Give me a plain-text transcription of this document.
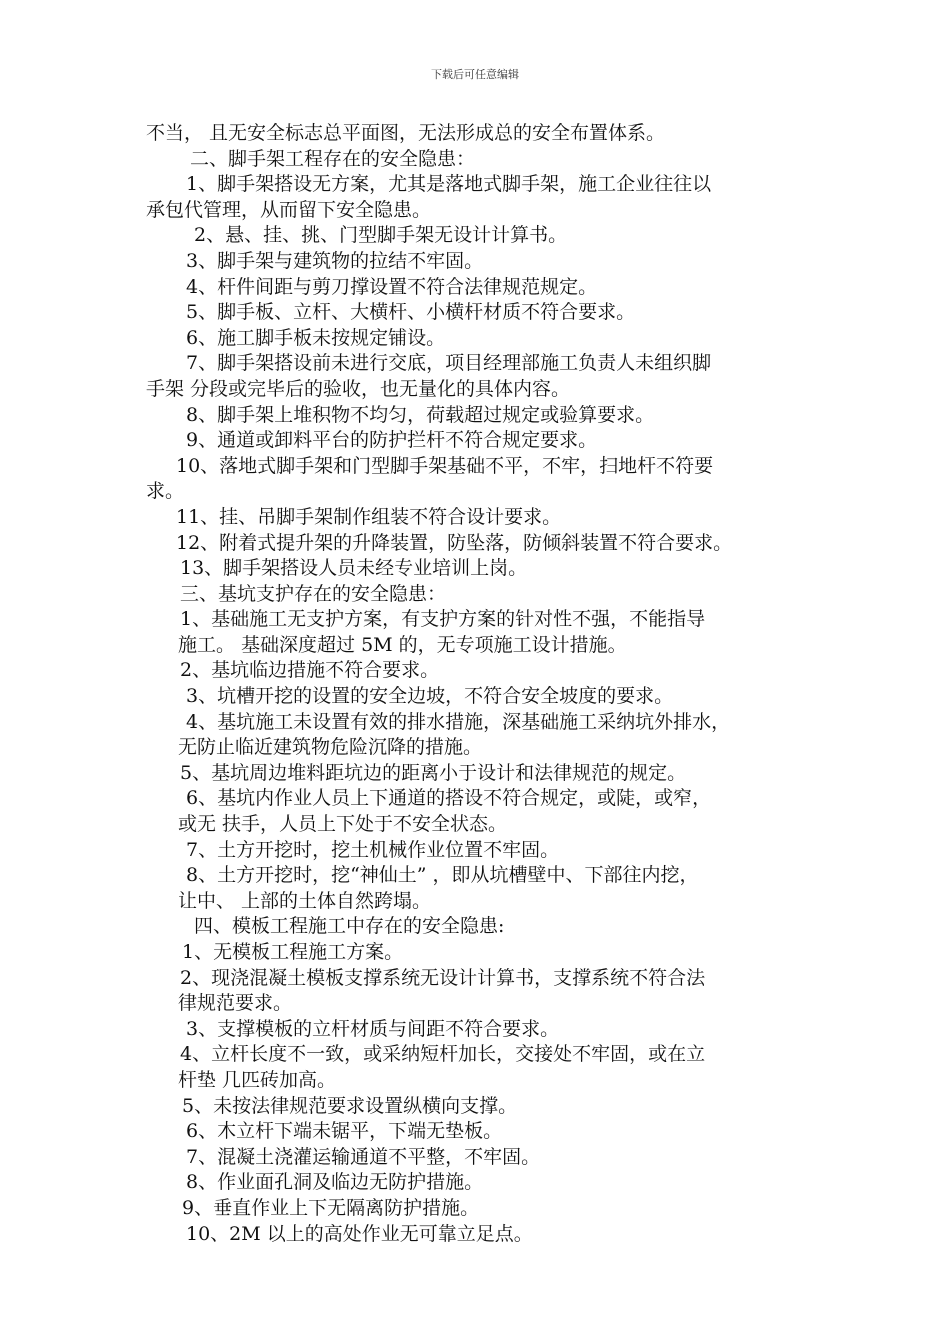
下载后可任意编辑
不当， 且无安全标志总平面图，无法形成总的安全布置体系。
二、脚手架工程存在的安全隐患：
1、脚手架搭设无方案，尤其是落地式脚手架，施工企业往往以
承包代管理，从而留下安全隐患。
2、悬、挂、挑、门型脚手架无设计计算书。
3、脚手架与建筑物的拉结不牢固。
4、杆件间距与剪刀撑设置不符合法律规范规定。
5、脚手板、立杆、大横杆、小横杆材质不符合要求。
6、施工脚手板未按规定铺设。
7、脚手架搭设前未进行交底，项目经理部施工负责人未组织脚
手架 分段或完毕后的验收，也无量化的具体内容。
8、脚手架上堆积物不均匀，荷载超过规定或验算要求。
9、通道或卸料平台的防护拦杆不符合规定要求。
10、落地式脚手架和门型脚手架基础不平，不牢，扫地杆不符要
求。
11、挂、吊脚手架制作组装不符合设计要求。
12、附着式提升架的升降装置，防坠落，防倾斜装置不符合要求。
13、脚手架搭设人员未经专业培训上岗。
三、基坑支护存在的安全隐患：
1、基础施工无支护方案，有支护方案的针对性不强，不能指导
施工。 基础深度超过 5M 的，无专项施工设计措施。
2、基坑临边措施不符合要求。
3、坑槽开挖的设置的安全边坡，不符合安全坡度的要求。
4、基坑施工未设置有效的排水措施，深基础施工采纳坑外排水，
无防止临近建筑物危险沉降的措施。
5、基坑周边堆料距坑边的距离小于设计和法律规范的规定。
6、基坑内作业人员上下通道的搭设不符合规定，或陡，或窄，
或无 扶手，人员上下处于不安全状态。
7、土方开挖时，挖土机械作业位置不牢固。
8、土方开挖时，挖“神仙土” ，即从坑槽壁中、下部往内挖，
让中、 上部的土体自然跨塌。
四、模板工程施工中存在的安全隐患:
1、无模板工程施工方案。
2、现浇混凝土模板支撑系统无设计计算书，支撑系统不符合法
律规范要求。
3、支撑模板的立杆材质与间距不符合要求。
4、立杆长度不一致，或采纳短杆加长，交接处不牢固，或在立
杆垫 几匹砖加高。
5、未按法律规范要求设置纵横向支撑。
6、木立杆下端未锯平，下端无垫板。
7、混凝土浇灌运输通道不平整，不牢固。
8、作业面孔洞及临边无防护措施。
9、垂直作业上下无隔离防护措施。
10、2M 以上的高处作业无可靠立足点。
